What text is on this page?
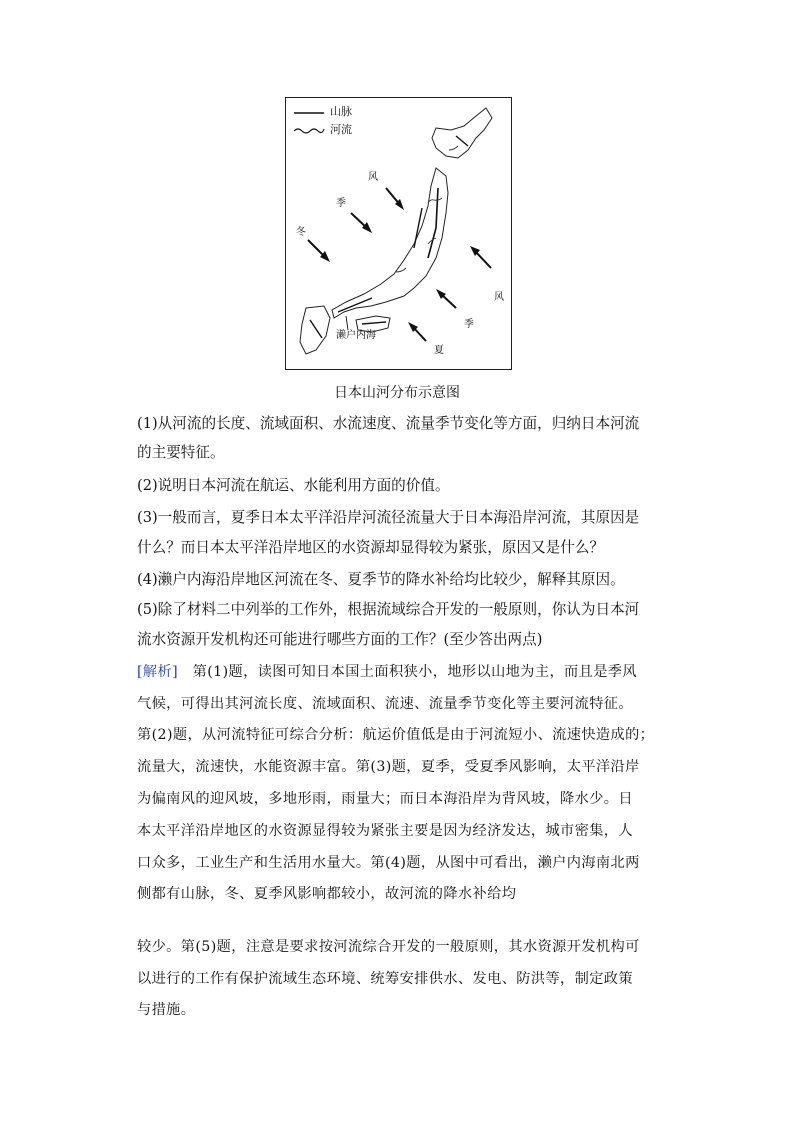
山脉
河流
风
季
冬
风
季
夏
濑户内海
日本山河分布示意图
(1)从河流的长度、流域面积、水流速度、流量季节变化等方面，归纳日本河流
的主要特征。
(2)说明日本河流在航运、水能利用方面的价值。
(3)一般而言，夏季日本太平洋沿岸河流径流量大于日本海沿岸河流，其原因是
什么？而日本太平洋沿岸地区的水资源却显得较为紧张，原因又是什么？
(4)濑户内海沿岸地区河流在冬、夏季节的降水补给均比较少，解释其原因。
(5)除了材料二中列举的工作外，根据流域综合开发的一般原则，你认为日本河
流水资源开发机构还可能进行哪些方面的工作？(至少答出两点)
[解析]　第(1)题，读图可知日本国土面积狭小，地形以山地为主，而且是季风
气候，可得出其河流长度、流域面积、流速、流量季节变化等主要河流特征。
第(2)题，从河流特征可综合分析：航运价值低是由于河流短小、流速快造成的；
流量大，流速快，水能资源丰富。第(3)题，夏季，受夏季风影响，太平洋沿岸
为偏南风的迎风坡，多地形雨，雨量大；而日本海沿岸为背风坡，降水少。日
本太平洋沿岸地区的水资源显得较为紧张主要是因为经济发达，城市密集，人
口众多，工业生产和生活用水量大。第(4)题，从图中可看出，濑户内海南北两
侧都有山脉，冬、夏季风影响都较小，故河流的降水补给均
较少。第(5)题，注意是要求按河流综合开发的一般原则，其水资源开发机构可
以进行的工作有保护流域生态环境、统筹安排供水、发电、防洪等，制定政策
与措施。
